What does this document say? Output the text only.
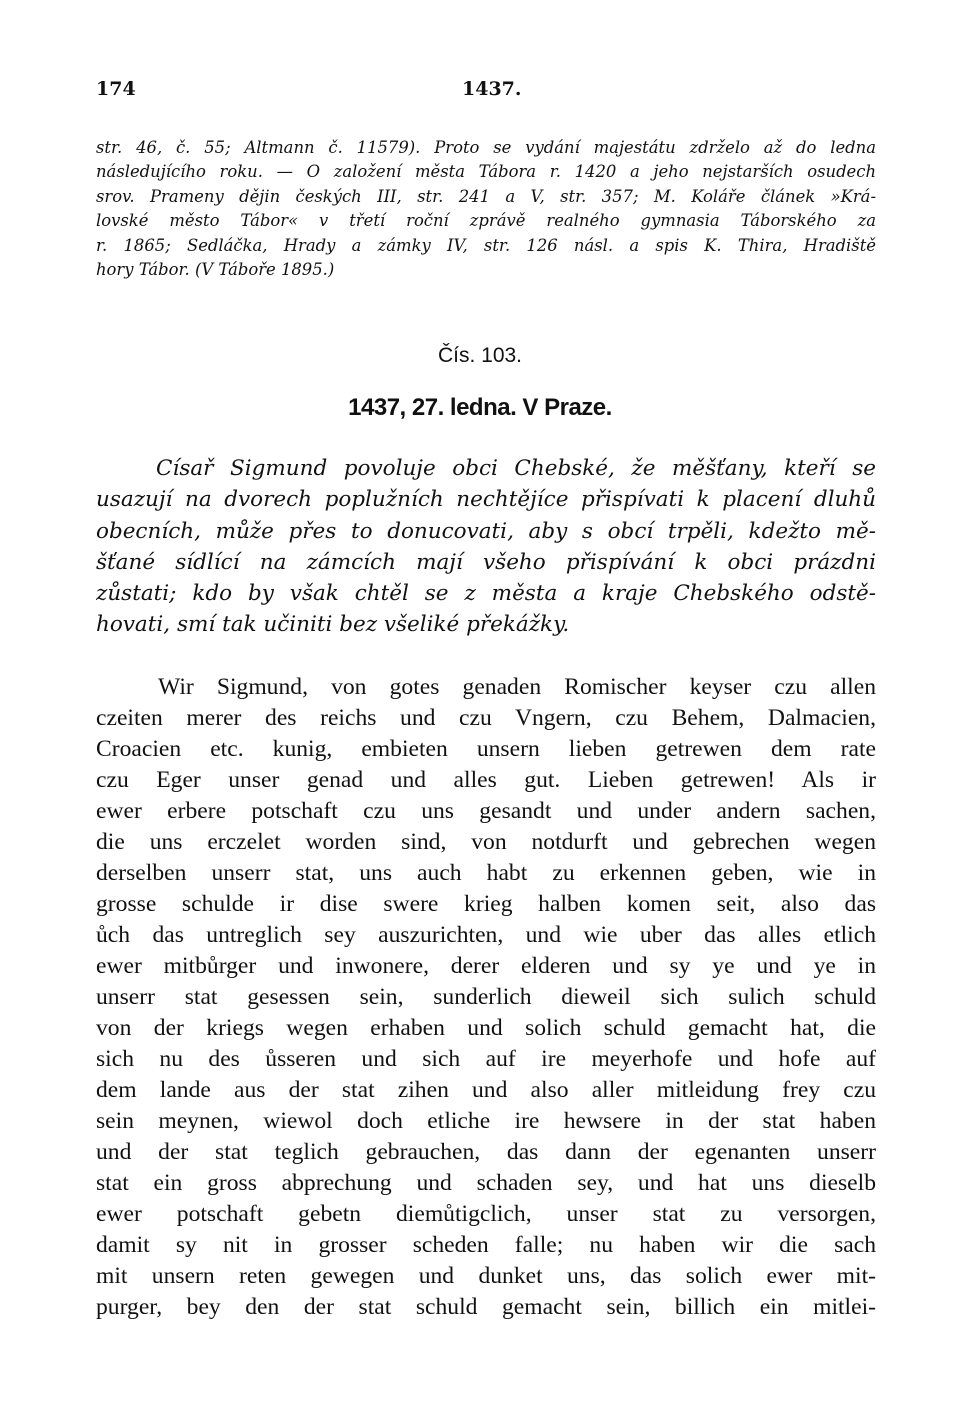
174	1437.
str. 46, č. 55; Altmann č. 11579). Proto se vydání majestátu zdrželo až do ledna
následujícího roku. — O založení města Tábora r. 1420 a jeho nejstarších osudech
srov. Prameny dějin českých III, str. 241 a V, str. 357; M. Koláře článek »Krá-
lovské město Tábor« v třetí roční zprávě realného gymnasia Táborského za
r. 1865; Sedláčka, Hrady a zámky IV, str. 126 násl. a spis K. Thira, Hradiště
hory Tábor. (V Táboře 1895.)
Čís. 103.
1437, 27. ledna. V Praze.
Císař Sigmund povoluje obci Chebské, že měšťany, kteří se
usazují na dvorech poplužních nechtějíce přispívati k placení dluhů
obecních, může přes to donucovati, aby s obcí trpěli, kdežto mě-
šťané sídlící na zámcích mají všeho přispívání k obci prázdni
zůstati; kdo by však chtěl se z města a kraje Chebského odstě-
hovati, smí tak učiniti bez všeliké překážky.
Wir Sigmund, von gotes genaden Romischer keyser czu allen
czeiten merer des reichs und czu Vngern, czu Behem, Dalmacien,
Croacien etc. kunig, embieten unsern lieben getrewen dem rate
czu Eger unser genad und alles gut. Lieben getrewen! Als ir
ewer erbere potschaft czu uns gesandt und under andern sachen,
die uns erczelet worden sind, von notdurft und gebrechen wegen
derselben unserr stat, uns auch habt zu erkennen geben, wie in
grosse schulde ir dise swere krieg halben komen seit, also das
ůch das untreglich sey auszurichten, und wie uber das alles etlich
ewer mitbůrger und inwonere, derer elderen und sy ye und ye in
unserr stat gesessen sein, sunderlich dieweil sich sulich schuld
von der kriegs wegen erhaben und solich schuld gemacht hat, die
sich nu des ůsseren und sich auf ire meyerhofe und hofe auf
dem lande aus der stat zihen und also aller mitleidung frey czu
sein meynen, wiewol doch etliche ire hewsere in der stat haben
und der stat teglich gebrauchen, das dann der egenanten unserr
stat ein gross abprechung und schaden sey, und hat uns dieselb
ewer potschaft gebetn diemůtigclich, unser stat zu versorgen,
damit sy nit in grosser scheden falle; nu haben wir die sach
mit unsern reten gewegen und dunket uns, das solich ewer mit-
purger, bey den der stat schuld gemacht sein, billich ein mitlei-
